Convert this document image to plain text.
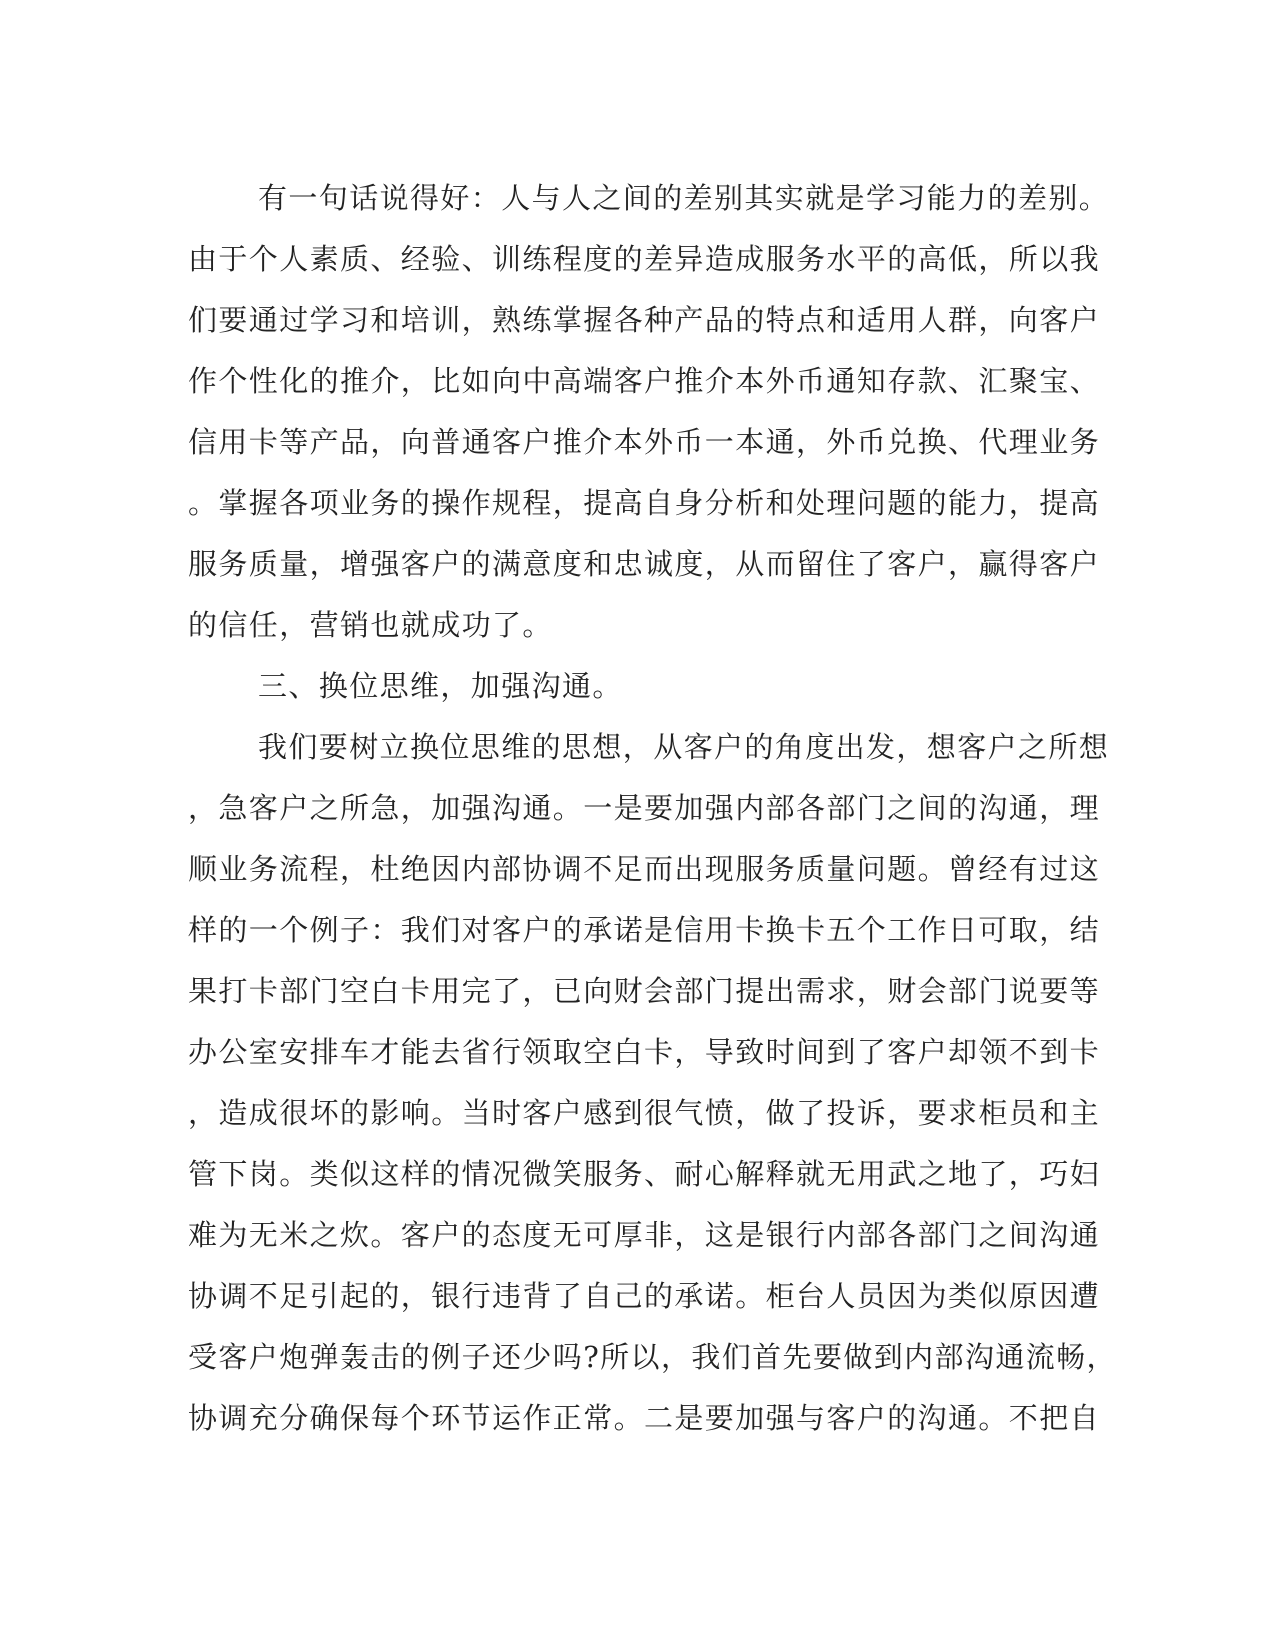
有一句话说得好：人与人之间的差别其实就是学习能力的差别。
由于个人素质、经验、训练程度的差异造成服务水平的高低，所以我
们要通过学习和培训，熟练掌握各种产品的特点和适用人群，向客户
作个性化的推介，比如向中高端客户推介本外币通知存款、汇聚宝、
信用卡等产品，向普通客户推介本外币一本通，外币兑换、代理业务
。掌握各项业务的操作规程，提高自身分析和处理问题的能力，提高
服务质量，增强客户的满意度和忠诚度，从而留住了客户，赢得客户
的信任，营销也就成功了。
三、换位思维，加强沟通。
我们要树立换位思维的思想，从客户的角度出发，想客户之所想
，急客户之所急，加强沟通。一是要加强内部各部门之间的沟通，理
顺业务流程，杜绝因内部协调不足而出现服务质量问题。曾经有过这
样的一个例子：我们对客户的承诺是信用卡换卡五个工作日可取，结
果打卡部门空白卡用完了，已向财会部门提出需求，财会部门说要等
办公室安排车才能去省行领取空白卡，导致时间到了客户却领不到卡
，造成很坏的影响。当时客户感到很气愤，做了投诉，要求柜员和主
管下岗。类似这样的情况微笑服务、耐心解释就无用武之地了，巧妇
难为无米之炊。客户的态度无可厚非，这是银行内部各部门之间沟通
协调不足引起的，银行违背了自己的承诺。柜台人员因为类似原因遭
受客户炮弹轰击的例子还少吗?所以，我们首先要做到内部沟通流畅，
协调充分确保每个环节运作正常。二是要加强与客户的沟通。不把自
